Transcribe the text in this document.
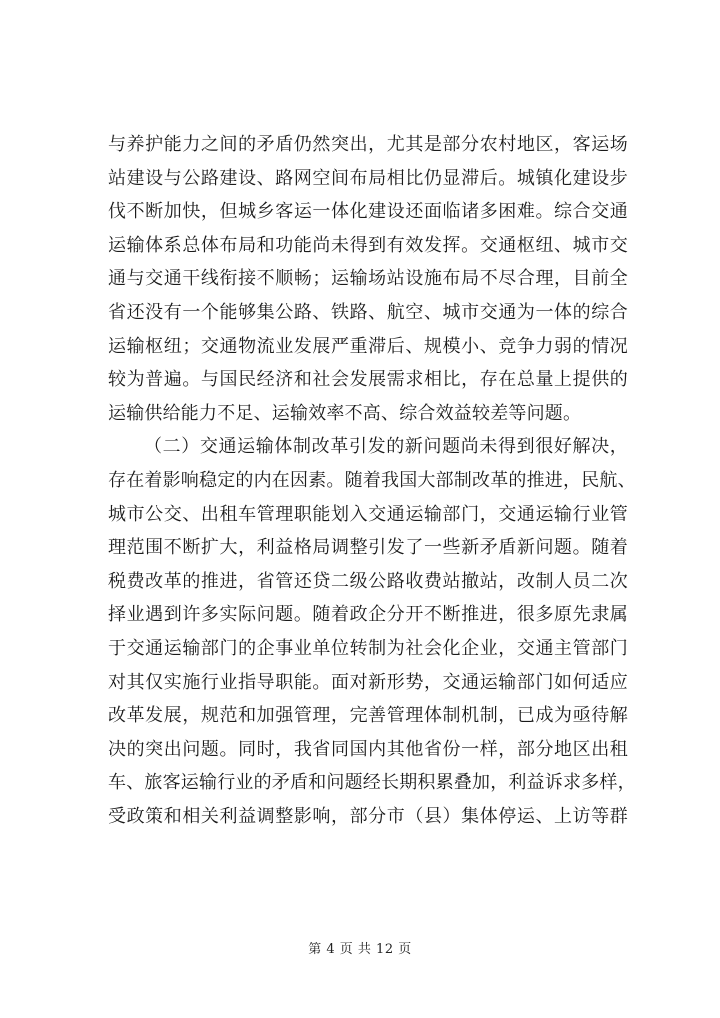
与养护能力之间的矛盾仍然突出，尤其是部分农村地区，客运场
站建设与公路建设、路网空间布局相比仍显滞后。城镇化建设步
伐不断加快，但城乡客运一体化建设还面临诸多困难。综合交通
运输体系总体布局和功能尚未得到有效发挥。交通枢纽、城市交
通与交通干线衔接不顺畅；运输场站设施布局不尽合理，目前全
省还没有一个能够集公路、铁路、航空、城市交通为一体的综合
运输枢纽；交通物流业发展严重滞后、规模小、竞争力弱的情况
较为普遍。与国民经济和社会发展需求相比，存在总量上提供的
运输供给能力不足、运输效率不高、综合效益较差等问题。
（二）交通运输体制改革引发的新问题尚未得到很好解决，
存在着影响稳定的内在因素。随着我国大部制改革的推进，民航、
城市公交、出租车管理职能划入交通运输部门，交通运输行业管
理范围不断扩大，利益格局调整引发了一些新矛盾新问题。随着
税费改革的推进，省管还贷二级公路收费站撤站，改制人员二次
择业遇到许多实际问题。随着政企分开不断推进，很多原先隶属
于交通运输部门的企事业单位转制为社会化企业，交通主管部门
对其仅实施行业指导职能。面对新形势，交通运输部门如何适应
改革发展，规范和加强管理，完善管理体制机制，已成为亟待解
决的突出问题。同时，我省同国内其他省份一样，部分地区出租
车、旅客运输行业的矛盾和问题经长期积累叠加，利益诉求多样，
受政策和相关利益调整影响，部分市（县）集体停运、上访等群
第 4 页 共 12 页
